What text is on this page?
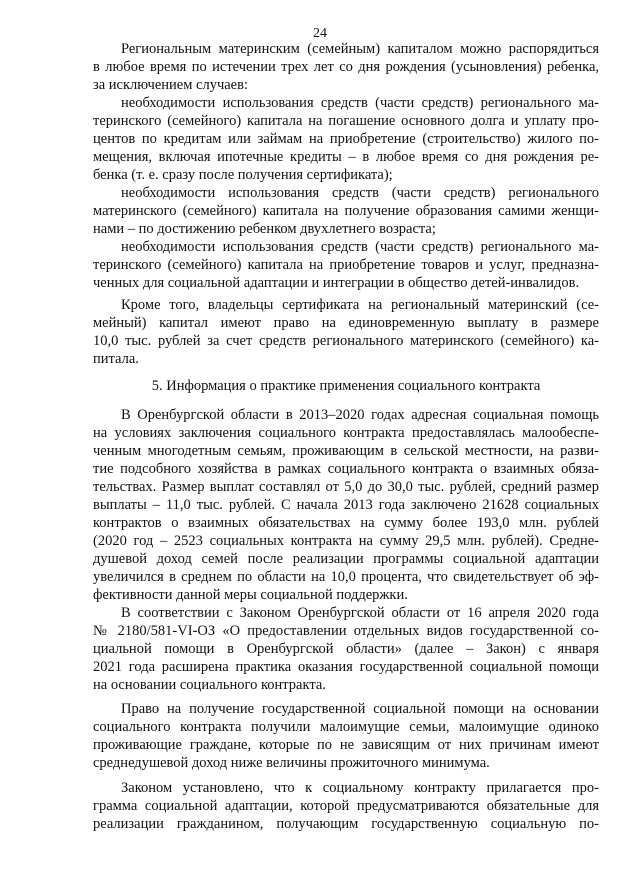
24
Региональным материнским (семейным) капиталом можно распорядиться
в любое время по истечении трех лет со дня рождения (усыновления) ребенка,
за исключением случаев:
необходимости использования средств (части средств) регионального ма-
теринского (семейного) капитала на погашение основного долга и уплату про-
центов по кредитам или займам на приобретение (строительство) жилого по-
мещения, включая ипотечные кредиты – в любое время со дня рождения ре-
бенка (т. е. сразу после получения сертификата);
необходимости использования средств (части средств) регионального
материнского (семейного) капитала на получение образования самими женщи-
нами – по достижению ребенком двухлетнего возраста;
необходимости использования средств (части средств) регионального ма-
теринского (семейного) капитала на приобретение товаров и услуг, предназна-
ченных для социальной адаптации и интеграции в общество детей-инвалидов.
Кроме того, владельцы сертификата на региональный материнский (се-
мейный) капитал имеют право на единовременную выплату в размере
10,0 тыс. рублей за счет средств регионального материнского (семейного) ка-
питала.
5. Информация о практике применения социального контракта
В Оренбургской области в 2013–2020 годах адресная социальная помощь
на условиях заключения социального контракта предоставлялась малообеспе-
ченным многодетным семьям, проживающим в сельской местности, на разви-
тие подсобного хозяйства в рамках социального контракта о взаимных обяза-
тельствах. Размер выплат составлял от 5,0 до 30,0 тыс. рублей, средний размер
выплаты – 11,0 тыс. рублей. С начала 2013 года заключено 21628 социальных
контрактов о взаимных обязательствах на сумму более 193,0 млн. рублей
(2020 год – 2523 социальных контракта на сумму 29,5 млн. рублей). Средне-
душевой доход семей после реализации программы социальной адаптации
увеличился в среднем по области на 10,0 процента, что свидетельствует об эф-
фективности данной меры социальной поддержки.
В соответствии с Законом Оренбургской области от 16 апреля 2020 года
№ 2180/581-VI-ОЗ «О предоставлении отдельных видов государственной со-
циальной помощи в Оренбургской области» (далее – Закон) с января
2021 года расширена практика оказания государственной социальной помощи
на основании социального контракта.
Право на получение государственной социальной помощи на основании
социального контракта получили малоимущие семьи, малоимущие одиноко
проживающие граждане, которые по не зависящим от них причинам имеют
среднедушевой доход ниже величины прожиточного минимума.
Законом установлено, что к социальному контракту прилагается про-
грамма социальной адаптации, которой предусматриваются обязательные для
реализации гражданином, получающим государственную социальную по-
